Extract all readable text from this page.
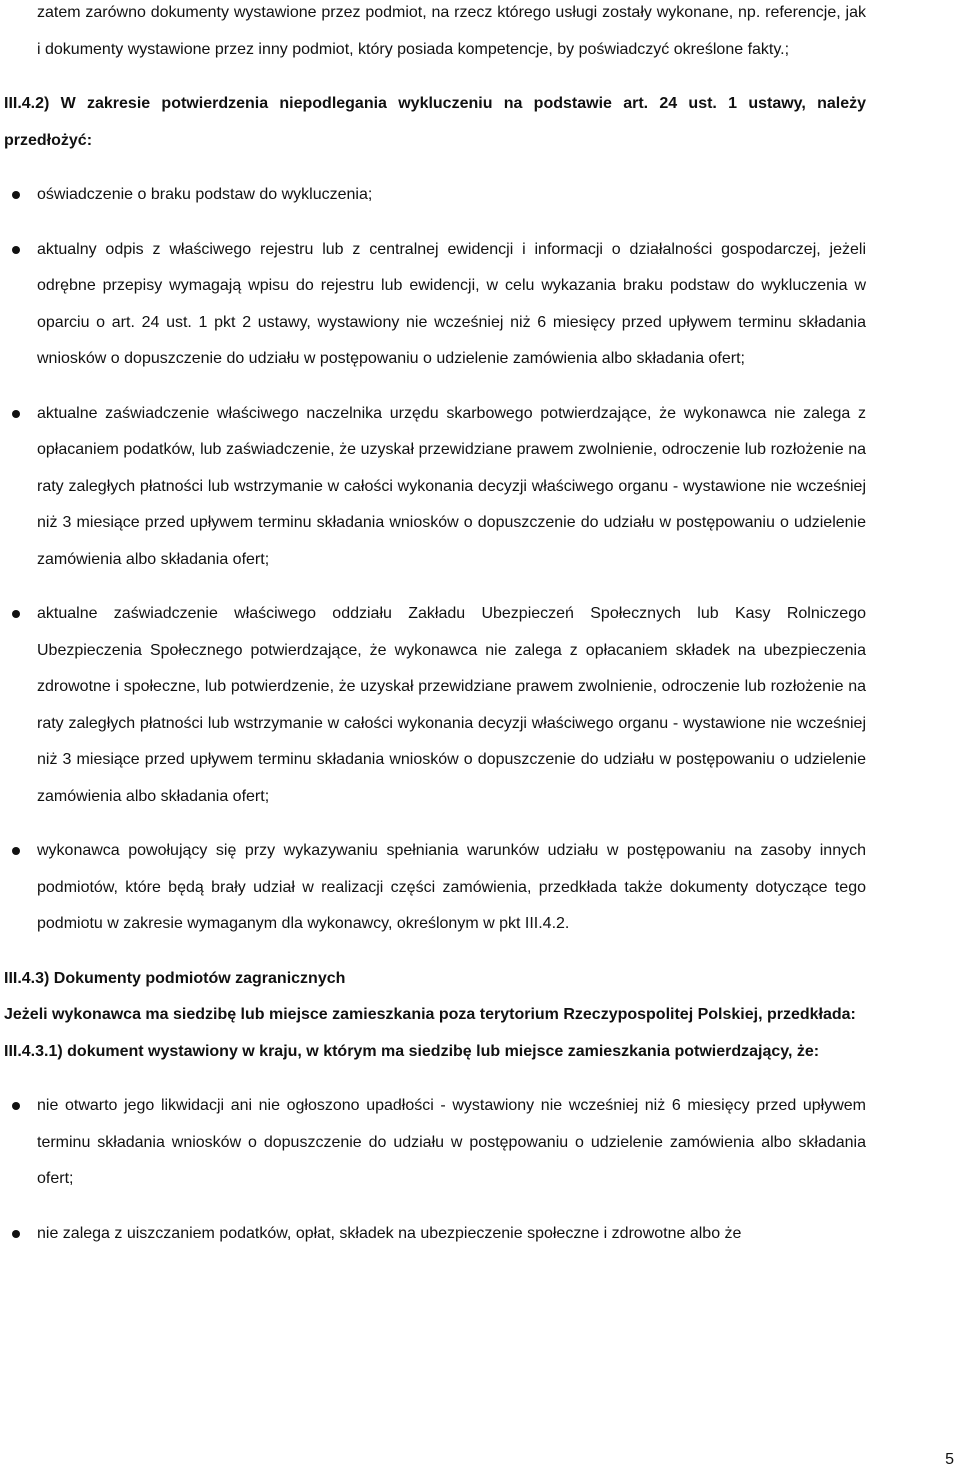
zatem zarówno dokumenty wystawione przez podmiot, na rzecz którego usługi zostały wykonane, np. referencje, jak i dokumenty wystawione przez inny podmiot, który posiada kompetencje, by poświadczyć określone fakty.;

III.4.2) W zakresie potwierdzenia niepodlegania wykluczeniu na podstawie art. 24 ust. 1 ustawy, należy przedłożyć:

oświadczenie o braku podstaw do wykluczenia;
aktualny odpis z właściwego rejestru lub z centralnej ewidencji i informacji o działalności gospodarczej, jeżeli odrębne przepisy wymagają wpisu do rejestru lub ewidencji, w celu wykazania braku podstaw do wykluczenia w oparciu o art. 24 ust. 1 pkt 2 ustawy, wystawiony nie wcześniej niż 6 miesięcy przed upływem terminu składania wniosków o dopuszczenie do udziału w postępowaniu o udzielenie zamówienia albo składania ofert;
aktualne zaświadczenie właściwego naczelnika urzędu skarbowego potwierdzające, że wykonawca nie zalega z opłacaniem podatków, lub zaświadczenie, że uzyskał przewidziane prawem zwolnienie, odroczenie lub rozłożenie na raty zaległych płatności lub wstrzymanie w całości wykonania decyzji właściwego organu - wystawione nie wcześniej niż 3 miesiące przed upływem terminu składania wniosków o dopuszczenie do udziału w postępowaniu o udzielenie zamówienia albo składania ofert;
aktualne zaświadczenie właściwego oddziału Zakładu Ubezpieczeń Społecznych lub Kasy Rolniczego Ubezpieczenia Społecznego potwierdzające, że wykonawca nie zalega z opłacaniem składek na ubezpieczenia zdrowotne i społeczne, lub potwierdzenie, że uzyskał przewidziane prawem zwolnienie, odroczenie lub rozłożenie na raty zaległych płatności lub wstrzymanie w całości wykonania decyzji właściwego organu - wystawione nie wcześniej niż 3 miesiące przed upływem terminu składania wniosków o dopuszczenie do udziału w postępowaniu o udzielenie zamówienia albo składania ofert;
wykonawca powołujący się przy wykazywaniu spełniania warunków udziału w postępowaniu na zasoby innych podmiotów, które będą brały udział w realizacji części zamówienia, przedkłada także dokumenty dotyczące tego podmiotu w zakresie wymaganym dla wykonawcy, określonym w pkt III.4.2.

III.4.3) Dokumenty podmiotów zagranicznych

Jeżeli wykonawca ma siedzibę lub miejsce zamieszkania poza terytorium Rzeczypospolitej Polskiej, przedkłada:

III.4.3.1) dokument wystawiony w kraju, w którym ma siedzibę lub miejsce zamieszkania potwierdzający, że:

nie otwarto jego likwidacji ani nie ogłoszono upadłości - wystawiony nie wcześniej niż 6 miesięcy przed upływem terminu składania wniosków o dopuszczenie do udziału w postępowaniu o udzielenie zamówienia albo składania ofert;
nie zalega z uiszczaniem podatków, opłat, składek na ubezpieczenie społeczne i zdrowotne albo że
5
